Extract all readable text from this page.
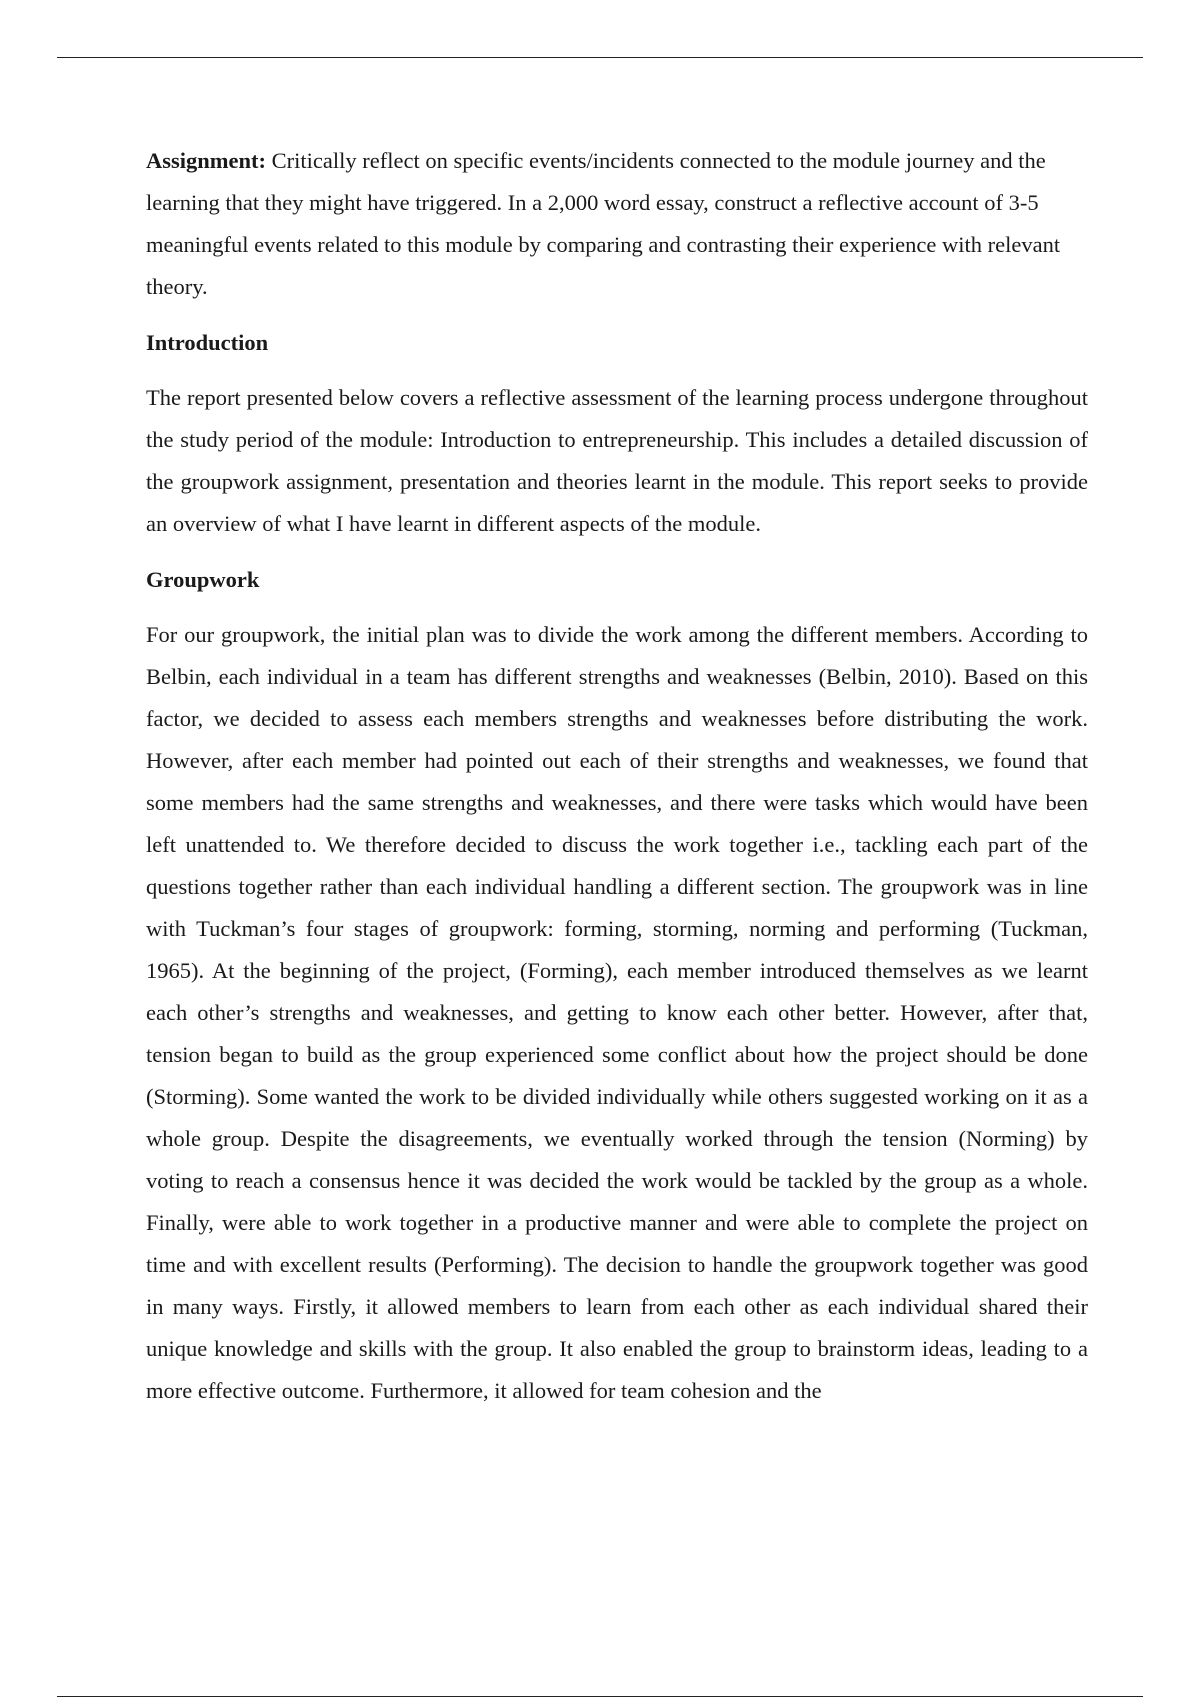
Assignment: Critically reflect on specific events/incidents connected to the module journey and the learning that they might have triggered. In a 2,000 word essay, construct a reflective account of 3-5 meaningful events related to this module by comparing and contrasting their experience with relevant theory.

Introduction

The report presented below covers a reflective assessment of the learning process undergone throughout the study period of the module: Introduction to entrepreneurship. This includes a detailed discussion of the groupwork assignment, presentation and theories learnt in the module. This report seeks to provide an overview of what I have learnt in different aspects of the module.

Groupwork

For our groupwork, the initial plan was to divide the work among the different members. According to Belbin, each individual in a team has different strengths and weaknesses (Belbin, 2010). Based on this factor, we decided to assess each members strengths and weaknesses before distributing the work. However, after each member had pointed out each of their strengths and weaknesses, we found that some members had the same strengths and weaknesses, and there were tasks which would have been left unattended to. We therefore decided to discuss the work together i.e., tackling each part of the questions together rather than each individual handling a different section. The groupwork was in line with Tuckman’s four stages of groupwork: forming, storming, norming and performing (Tuckman, 1965). At the beginning of the project, (Forming), each member introduced themselves as we learnt each other’s strengths and weaknesses, and getting to know each other better. However, after that, tension began to build as the group experienced some conflict about how the project should be done (Storming). Some wanted the work to be divided individually while others suggested working on it as a whole group. Despite the disagreements, we eventually worked through the tension (Norming) by voting to reach a consensus hence it was decided the work would be tackled by the group as a whole. Finally, were able to work together in a productive manner and were able to complete the project on time and with excellent results (Performing). The decision to handle the groupwork together was good in many ways. Firstly, it allowed members to learn from each other as each individual shared their unique knowledge and skills with the group. It also enabled the group to brainstorm ideas, leading to a more effective outcome. Furthermore, it allowed for team cohesion and the
